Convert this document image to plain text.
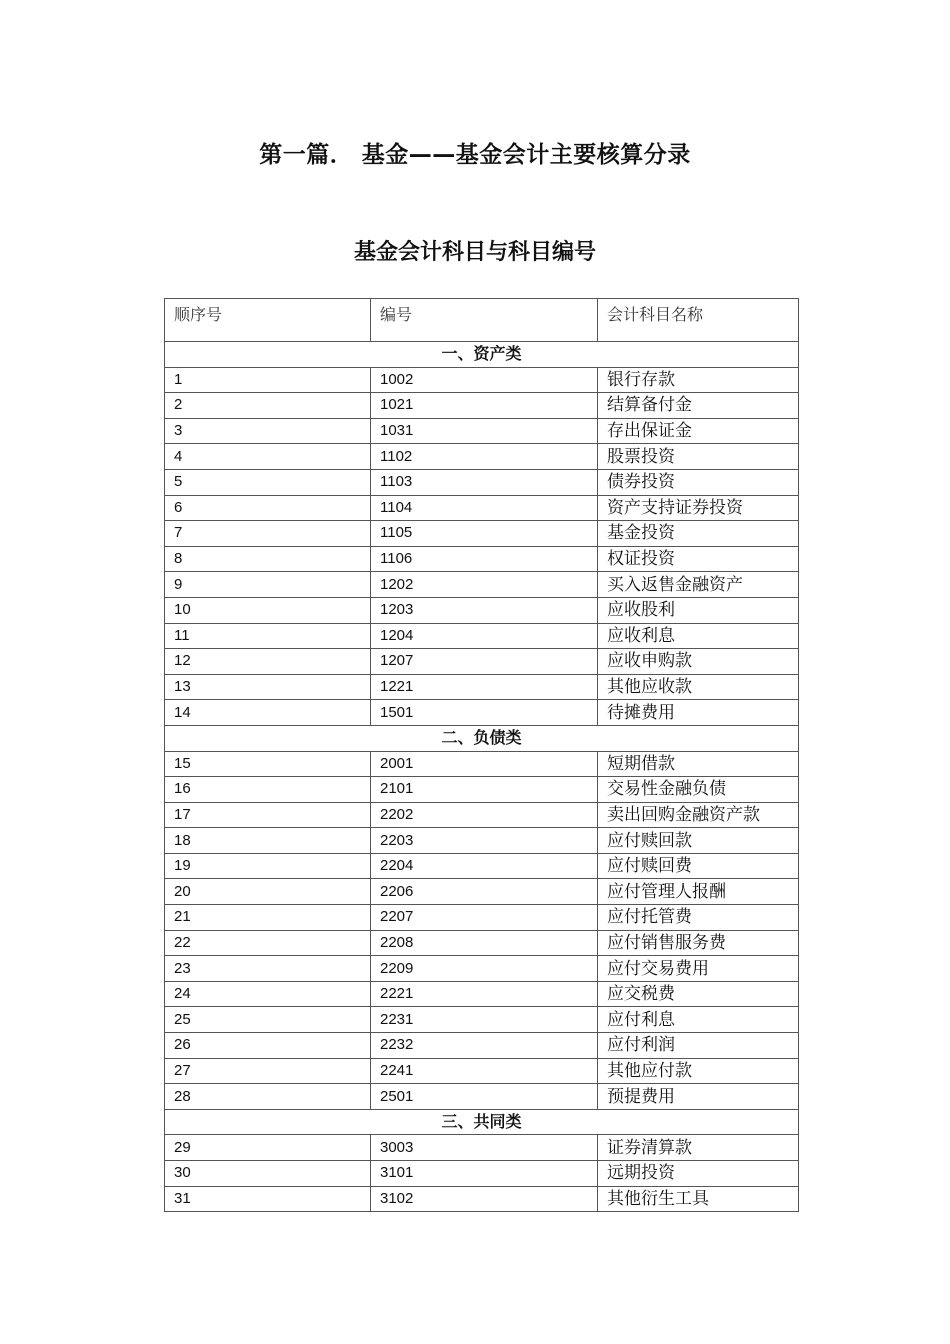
第一篇． 基金——基金会计主要核算分录
基金会计科目与科目编号
顺序号	编号	会计科目名称
一、资产类		
1	1002	银行存款
2	1021	结算备付金
3	1031	存出保证金
4	1102	股票投资
5	1103	债券投资
6	1104	资产支持证券投资
7	1105	基金投资
8	1106	权证投资
9	1202	买入返售金融资产
10	1203	应收股利
11	1204	应收利息
12	1207	应收申购款
13	1221	其他应收款
14	1501	待摊费用
二、负债类		
15	2001	短期借款
16	2101	交易性金融负债
17	2202	卖出回购金融资产款
18	2203	应付赎回款
19	2204	应付赎回费
20	2206	应付管理人报酬
21	2207	应付托管费
22	2208	应付销售服务费
23	2209	应付交易费用
24	2221	应交税费
25	2231	应付利息
26	2232	应付利润
27	2241	其他应付款
28	2501	预提费用
三、共同类		
29	3003	证券清算款
30	3101	远期投资
31	3102	其他衍生工具
